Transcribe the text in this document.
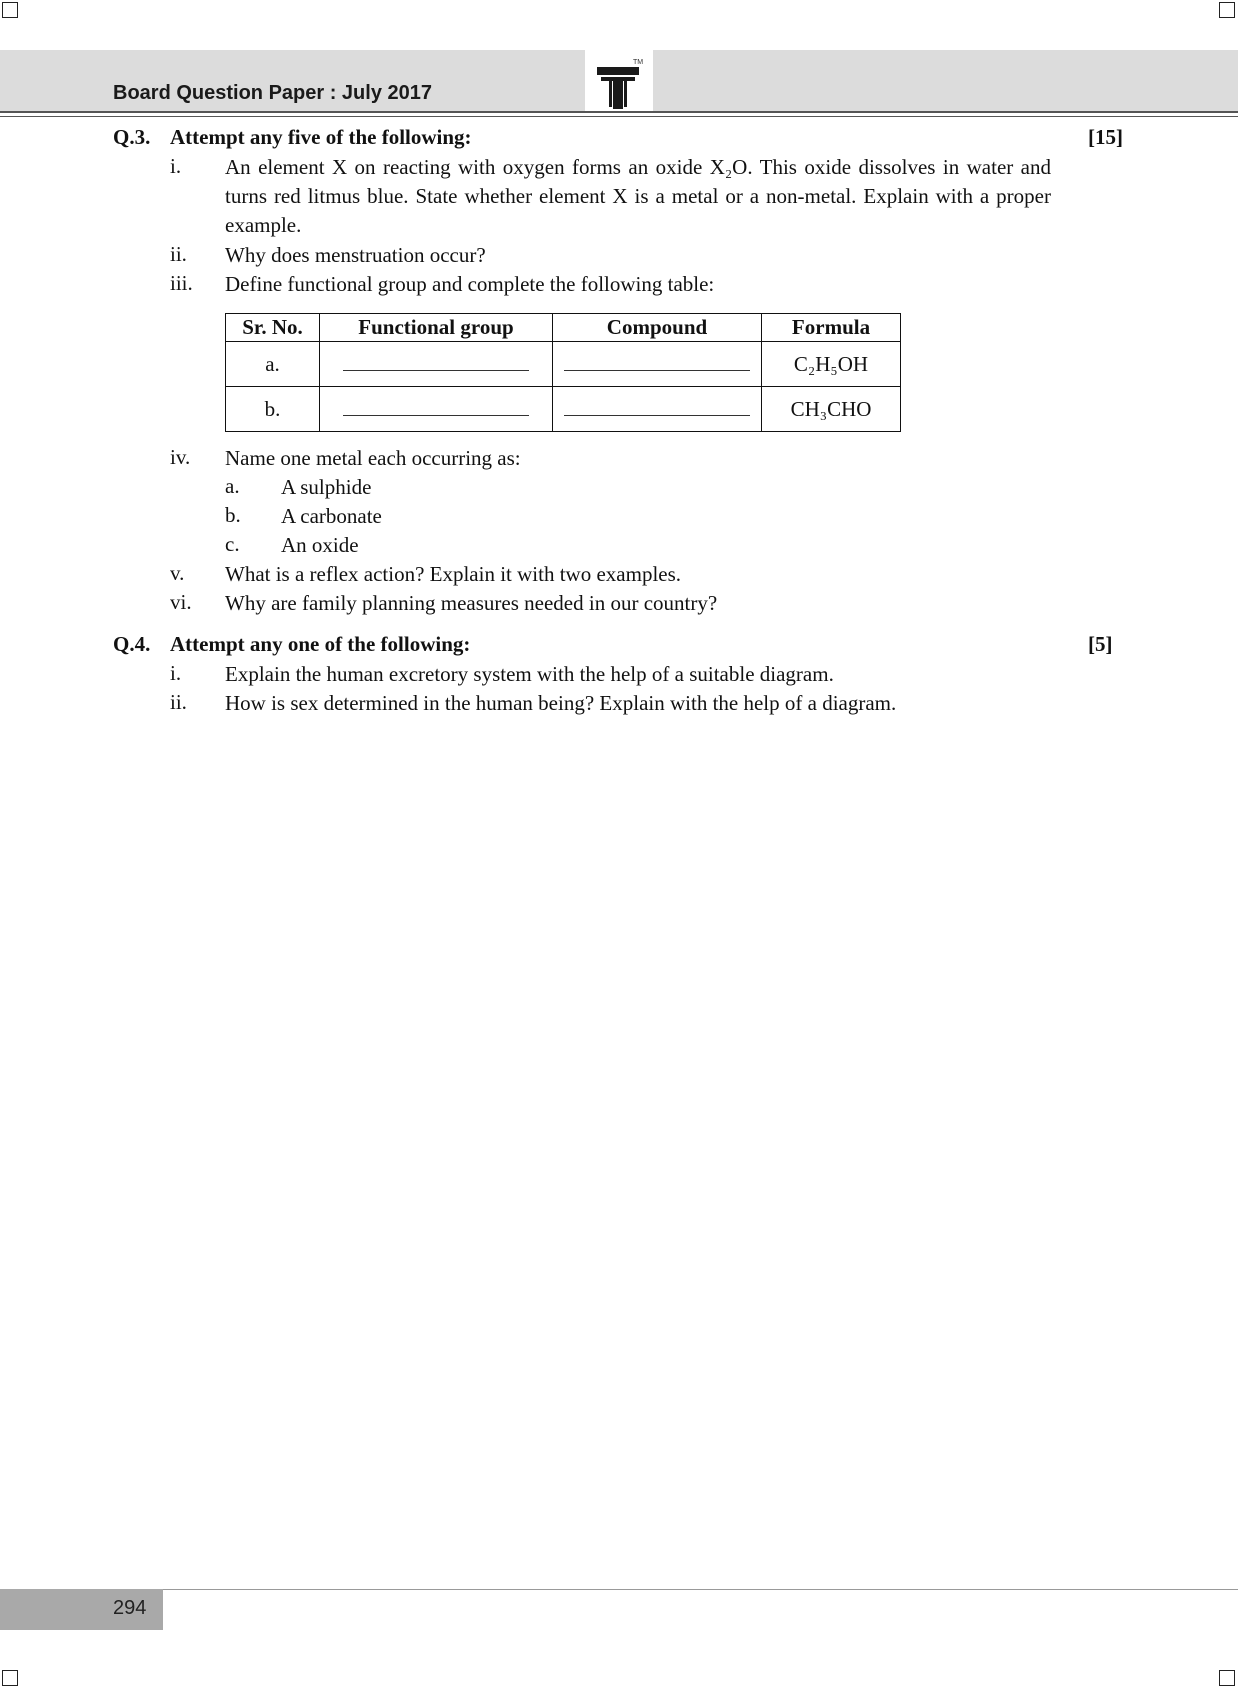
Board Question Paper : July 2017
TM
Q.3. Attempt any five of the following:	[15]
i. An element X on reacting with oxygen forms an oxide X₂O. This oxide dissolves in water and turns red litmus blue. State whether element X is a metal or a non-metal. Explain with a proper example.
ii. Why does menstruation occur?
iii. Define functional group and complete the following table:
Sr. No.	Functional group	Compound	Formula
a.			C₂H₅OH
b.			CH₃CHO
iv. Name one metal each occurring as:
a. A sulphide
b. A carbonate
c. An oxide
v. What is a reflex action? Explain it with two examples.
vi. Why are family planning measures needed in our country?
Q.4. Attempt any one of the following:	[5]
i. Explain the human excretory system with the help of a suitable diagram.
ii. How is sex determined in the human being? Explain with the help of a diagram.
294
